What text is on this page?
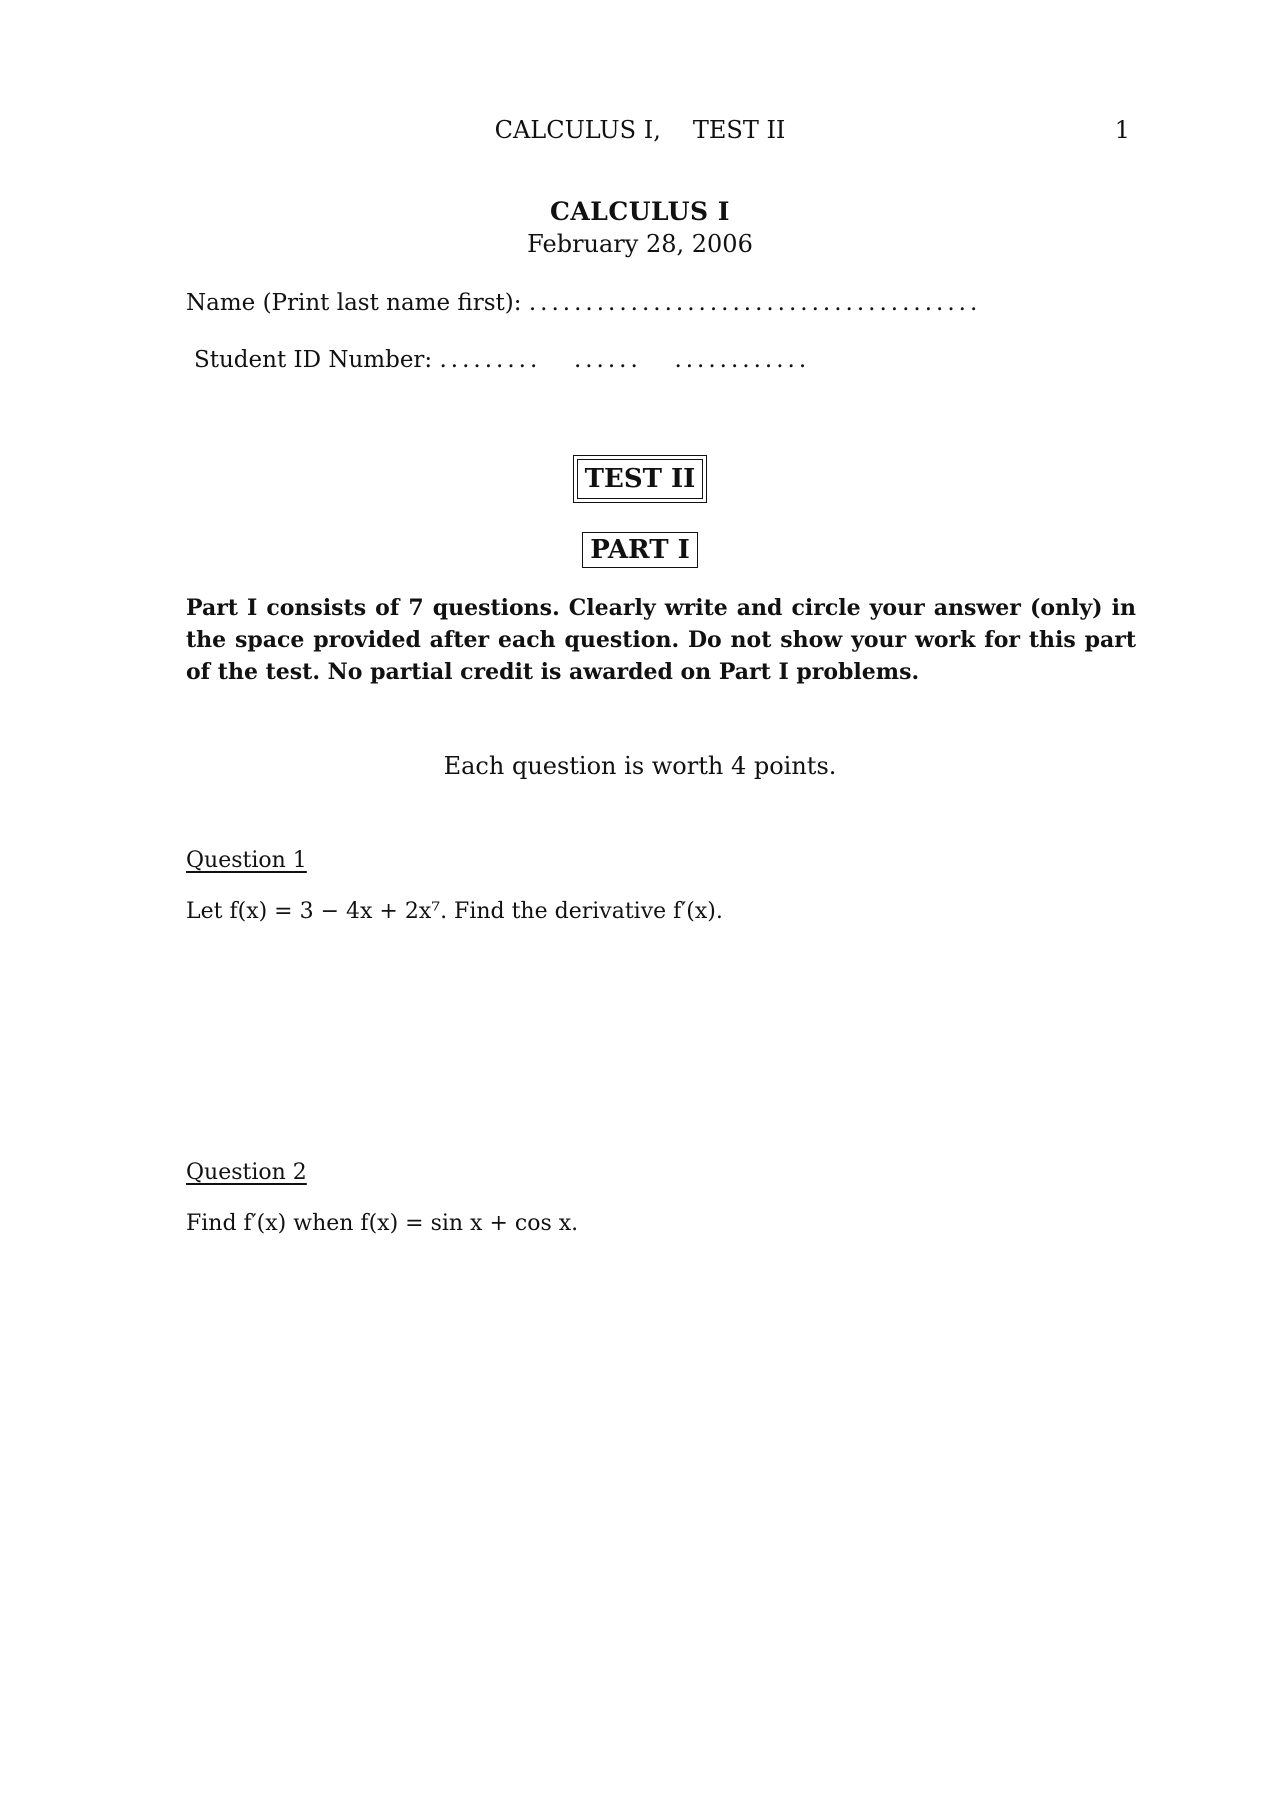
CALCULUS I, TEST II	1
CALCULUS I
February 28, 2006
Name (Print last name first): ........................................
Student ID Number: ......... ...... ............
TEST II
PART I
Part I consists of 7 questions. Clearly write and circle your answer (only) in the space provided after each question. Do not show your work for this part of the test. No partial credit is awarded on Part I problems.
Each question is worth 4 points.
Question 1
Let f(x) = 3 − 4x + 2x⁷. Find the derivative f′(x).
Question 2
Find f′(x) when f(x) = sin x + cos x.
